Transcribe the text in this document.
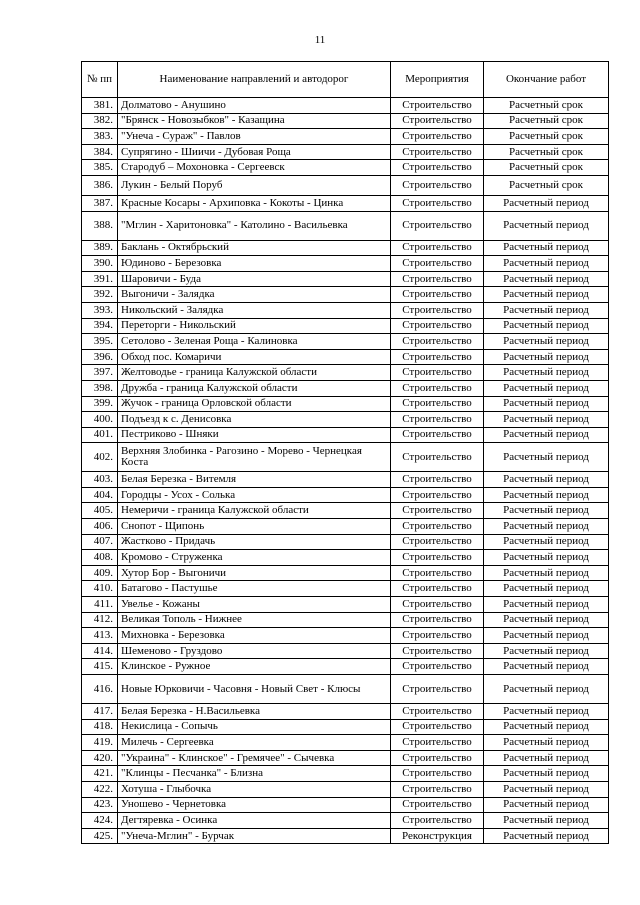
11
№ пп	Наименование направлений и автодорог	Мероприятия	Окончание работ
381.	Долматово - Анушино	Строительство	Расчетный срок
382.	"Брянск - Новозыбков" - Казащина	Строительство	Расчетный срок
383.	"Унеча - Сураж" - Павлов	Строительство	Расчетный срок
384.	Супрягино - Шиичи - Дубовая Роща	Строительство	Расчетный срок
385.	Стародуб – Мохоновка - Сергеевск	Строительство	Расчетный срок
386.	Лукин - Белый Поруб	Строительство	Расчетный срок
387.	Красные Косары - Архиповка - Кокоты - Цинка	Строительство	Расчетный период
388.	"Мглин - Харитоновка" - Католино - Васильевка	Строительство	Расчетный период
389.	Баклань - Октябрьский	Строительство	Расчетный период
390.	Юдиново - Березовка	Строительство	Расчетный период
391.	Шаровичи - Буда	Строительство	Расчетный период
392.	Выгоничи - Залядка	Строительство	Расчетный период
393.	Никольский - Залядка	Строительство	Расчетный период
394.	Переторги - Никольский	Строительство	Расчетный период
395.	Сетолово - Зеленая Роща - Калиновка	Строительство	Расчетный период
396.	Обход пос. Комаричи	Строительство	Расчетный период
397.	Желтоводье - граница Калужской области	Строительство	Расчетный период
398.	Дружба - граница Калужской области	Строительство	Расчетный период
399.	Жучок - граница Орловской области	Строительство	Расчетный период
400.	Подъезд к с. Денисовка	Строительство	Расчетный период
401.	Пестриково - Шняки	Строительство	Расчетный период
402.	Верхняя Злобинка - Рагозино - Морево - Чернецкая Коста	Строительство	Расчетный период
403.	Белая Березка - Витемля	Строительство	Расчетный период
404.	Городцы - Усох - Солька	Строительство	Расчетный период
405.	Немеричи - граница Калужской области	Строительство	Расчетный период
406.	Снопот - Щипонь	Строительство	Расчетный период
407.	Жастково - Придачь	Строительство	Расчетный период
408.	Кромово - Струженка	Строительство	Расчетный период
409.	Хутор Бор - Выгоничи	Строительство	Расчетный период
410.	Батагово - Пастушье	Строительство	Расчетный период
411.	Увелье - Кожаны	Строительство	Расчетный период
412.	Великая Тополь - Нижнее	Строительство	Расчетный период
413.	Михновка - Березовка	Строительство	Расчетный период
414.	Шеменово - Груздово	Строительство	Расчетный период
415.	Клинское - Ружное	Строительство	Расчетный период
416.	Новые Юрковичи - Часовня - Новый Свет - Клюсы	Строительство	Расчетный период
417.	Белая Березка - Н.Васильевка	Строительство	Расчетный период
418.	Некислица - Сопычь	Строительство	Расчетный период
419.	Милечь - Сергеевка	Строительство	Расчетный период
420.	"Украина" - Клинское" - Гремячее" - Сычевка	Строительство	Расчетный период
421.	"Клинцы - Песчанка" - Близна	Строительство	Расчетный период
422.	Хотуша - Глыбочка	Строительство	Расчетный период
423.	Уношево - Чернетовка	Строительство	Расчетный период
424.	Дегтяревка - Осинка	Строительство	Расчетный период
425.	"Унеча-Мглин" - Бурчак	Реконструкция	Расчетный период
